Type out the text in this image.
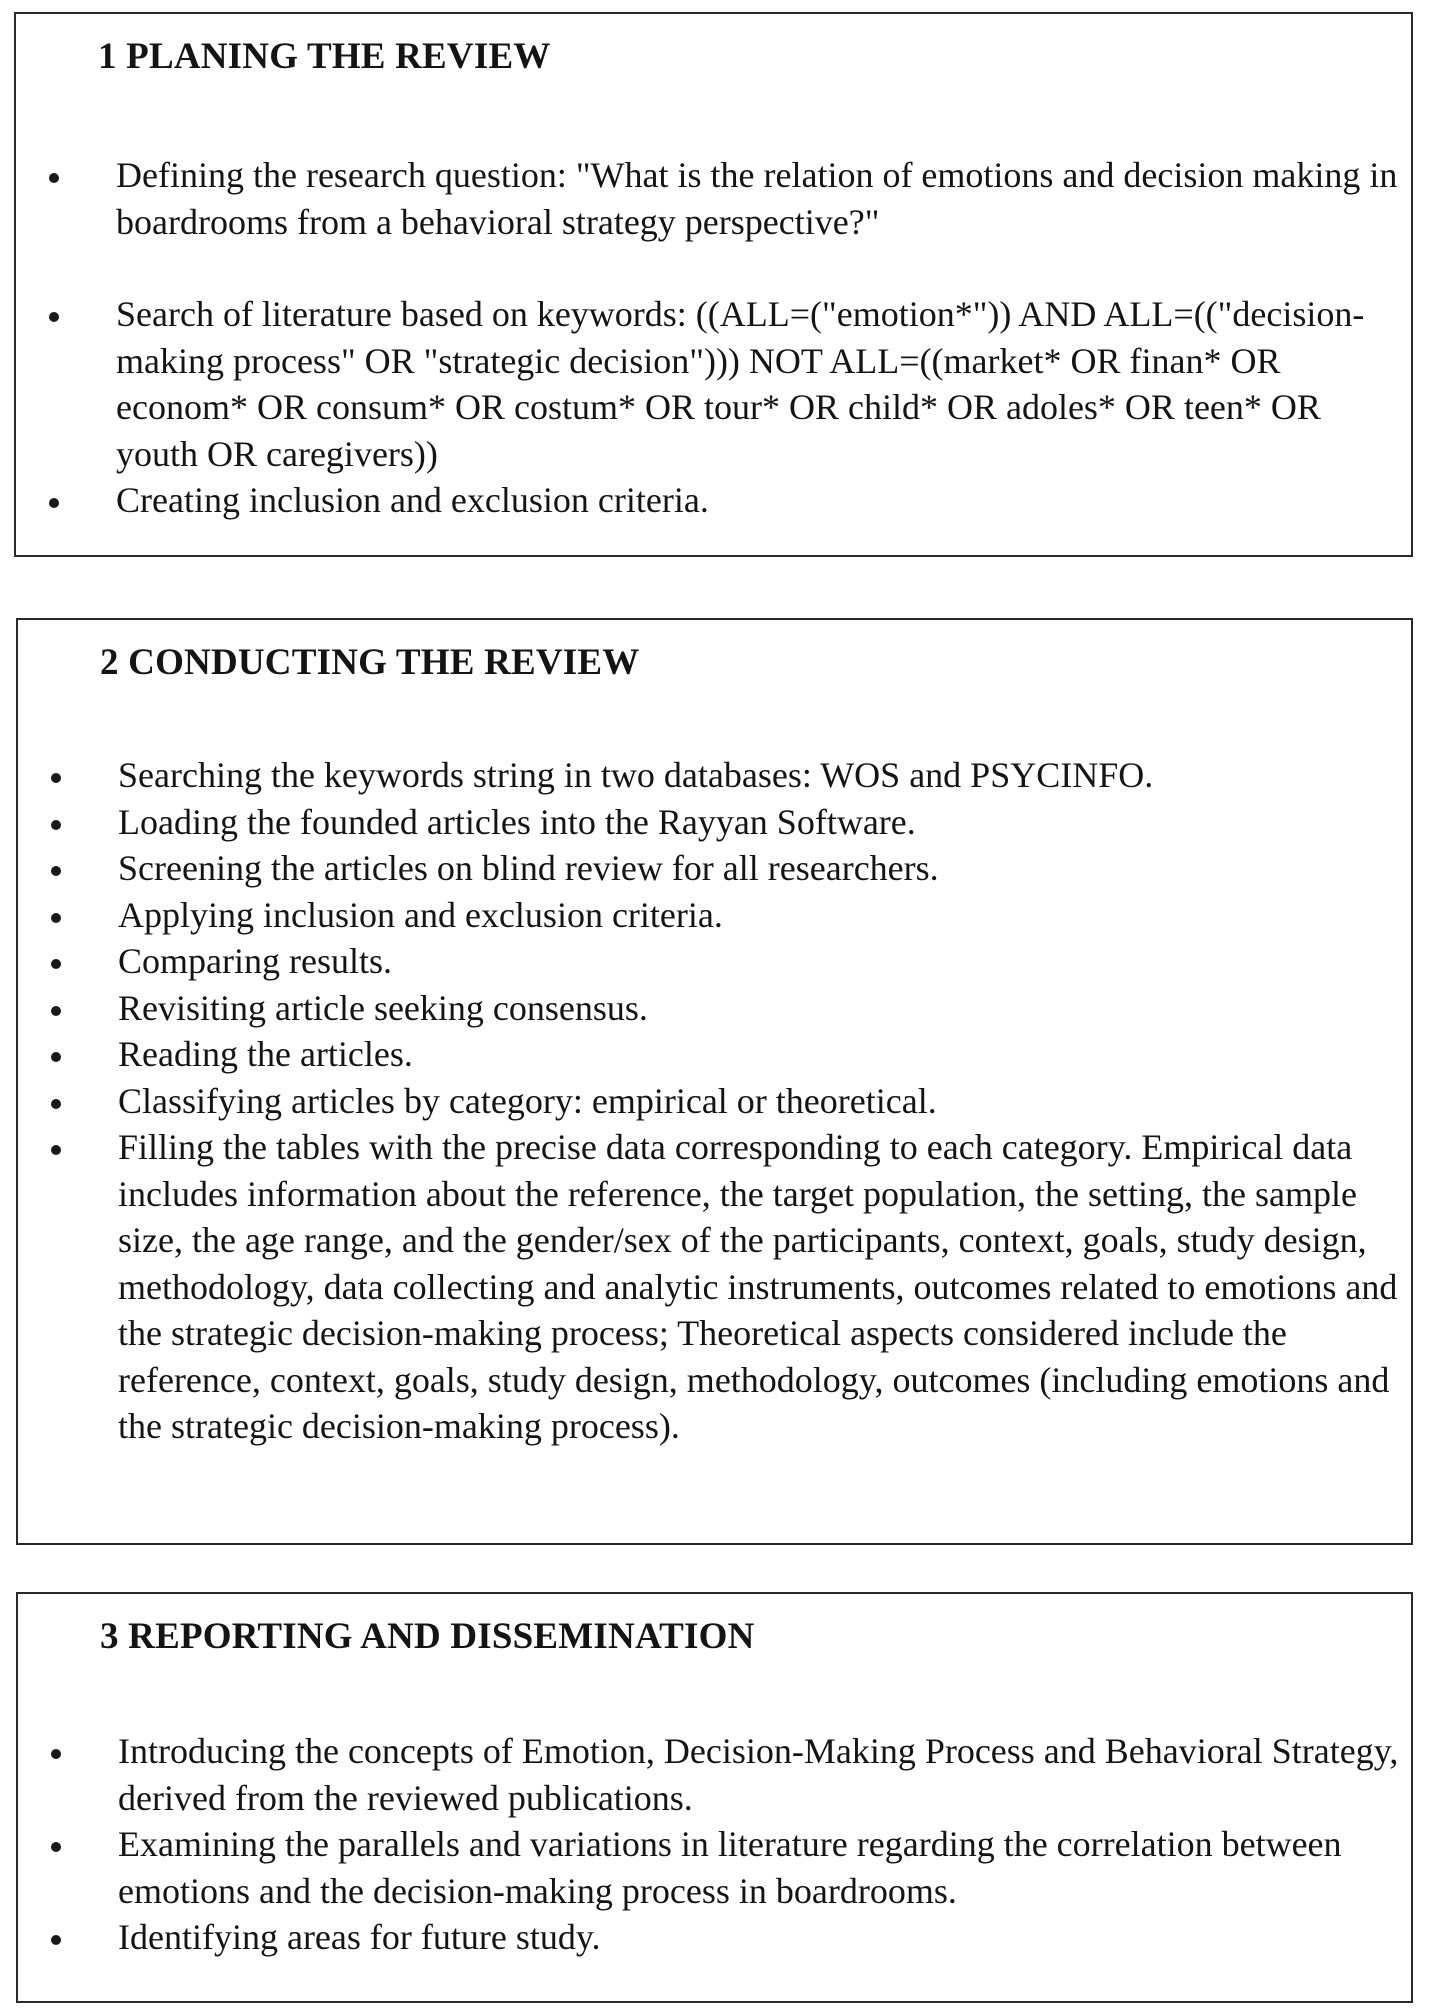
1 PLANING THE REVIEW
Defining the research question: "What is the relation of emotions and decision making in boardrooms from a behavioral strategy perspective?"
Search of literature based on keywords: ((ALL=("emotion*")) AND ALL=(("decision-making process" OR "strategic decision"))) NOT ALL=((market* OR finan* OR econom* OR consum* OR costum* OR tour* OR child* OR adoles* OR teen* OR youth OR caregivers))
Creating inclusion and exclusion criteria.
2 CONDUCTING THE REVIEW
Searching the keywords string in two databases: WOS and PSYCINFO.
Loading the founded articles into the Rayyan Software.
Screening the articles on blind review for all researchers.
Applying inclusion and exclusion criteria.
Comparing results.
Revisiting article seeking consensus.
Reading the articles.
Classifying articles by category: empirical or theoretical.
Filling the tables with the precise data corresponding to each category. Empirical data includes information about the reference, the target population, the setting, the sample size, the age range, and the gender/sex of the participants, context, goals, study design, methodology, data collecting and analytic instruments, outcomes related to emotions and the strategic decision-making process; Theoretical aspects considered include the reference, context, goals, study design, methodology, outcomes (including emotions and the strategic decision-making process).
3 REPORTING AND DISSEMINATION
Introducing the concepts of Emotion, Decision-Making Process and Behavioral Strategy, derived from the reviewed publications.
Examining the parallels and variations in literature regarding the correlation between emotions and the decision-making process in boardrooms.
Identifying areas for future study.
